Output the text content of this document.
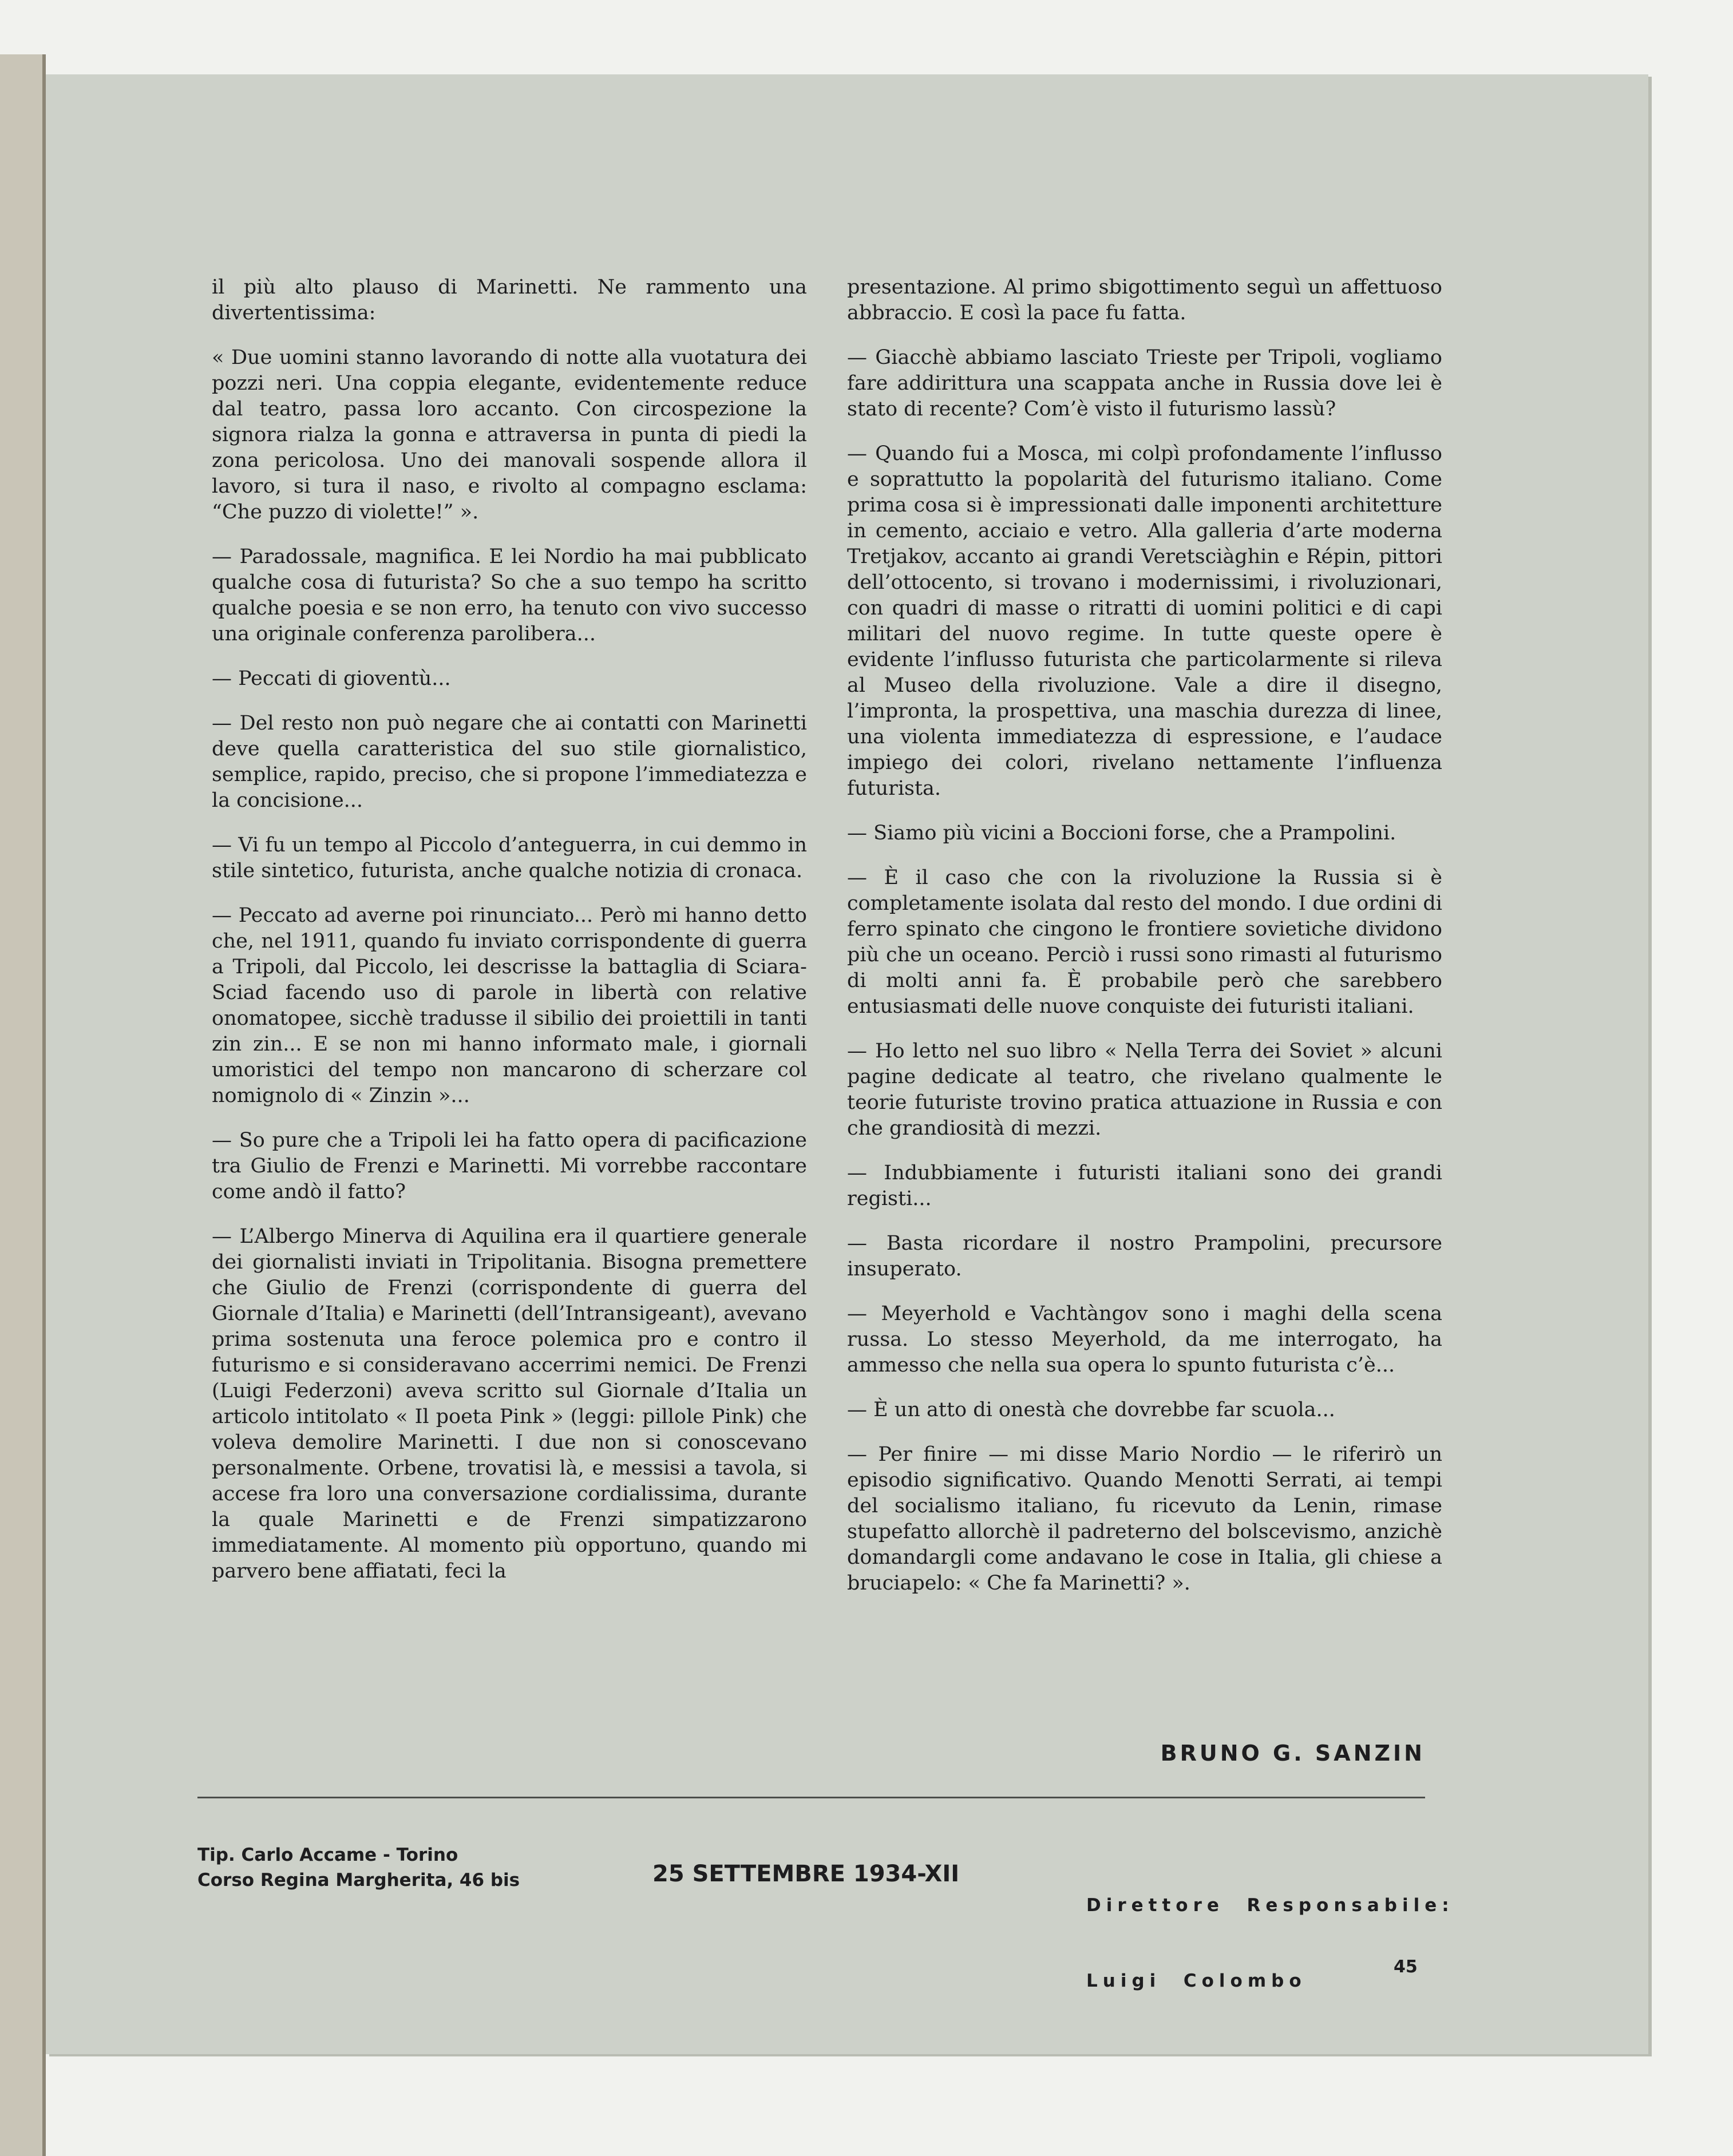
il più alto plauso di Marinetti. Ne rammento una divertentissima:

« Due uomini stanno lavorando di notte alla vuotatura dei pozzi neri. Una coppia elegante, evidentemente reduce dal teatro, passa loro accanto. Con circospezione la signora rialza la gonna e attraversa in punta di piedi la zona pericolosa. Uno dei manovali sospende allora il lavoro, si tura il naso, e rivolto al compagno esclama: “Che puzzo di violette!” ».

— Paradossale, magnifica. E lei Nordio ha mai pubblicato qualche cosa di futurista? So che a suo tempo ha scritto qualche poesia e se non erro, ha tenuto con vivo successo una originale conferenza parolibera...

— Peccati di gioventù...

— Del resto non può negare che ai contatti con Marinetti deve quella caratteristica del suo stile giornalistico, semplice, rapido, preciso, che si propone l’immediatezza e la concisione...

— Vi fu un tempo al Piccolo d’anteguerra, in cui demmo in stile sintetico, futurista, anche qualche notizia di cronaca.

— Peccato ad averne poi rinunciato... Però mi hanno detto che, nel 1911, quando fu inviato corrispondente di guerra a Tripoli, dal Piccolo, lei descrisse la battaglia di Sciara-Sciad facendo uso di parole in libertà con relative onomatopee, sicchè tradusse il sibilio dei proiettili in tanti zin zin... E se non mi hanno informato male, i giornali umoristici del tempo non mancarono di scherzare col nomignolo di « Zinzin »...

— So pure che a Tripoli lei ha fatto opera di pacificazione tra Giulio de Frenzi e Marinetti. Mi vorrebbe raccontare come andò il fatto?

— L’Albergo Minerva di Aquilina era il quartiere generale dei giornalisti inviati in Tripolitania. Bisogna premettere che Giulio de Frenzi (corrispondente di guerra del Giornale d’Italia) e Marinetti (dell’Intransigeant), avevano prima sostenuta una feroce polemica pro e contro il futurismo e si consideravano accerrimi nemici. De Frenzi (Luigi Federzoni) aveva scritto sul Giornale d’Italia un articolo intitolato « Il poeta Pink » (leggi: pillole Pink) che voleva demolire Marinetti. I due non si conoscevano personalmente. Orbene, trovatisi là, e messisi a tavola, si accese fra loro una conversazione cordialissima, durante la quale Marinetti e de Frenzi simpatizzarono immediatamente. Al momento più opportuno, quando mi parvero bene affiatati, feci la

presentazione. Al primo sbigottimento seguì un affettuoso abbraccio. E così la pace fu fatta.

— Giacchè abbiamo lasciato Trieste per Tripoli, vogliamo fare addirittura una scappata anche in Russia dove lei è stato di recente? Com’è visto il futurismo lassù?

— Quando fui a Mosca, mi colpì profondamente l’influsso e soprattutto la popolarità del futurismo italiano. Come prima cosa si è impressionati dalle imponenti architetture in cemento, acciaio e vetro. Alla galleria d’arte moderna Tretjakov, accanto ai grandi Veretsciàghin e Répin, pittori dell’ottocento, si trovano i modernissimi, i rivoluzionari, con quadri di masse o ritratti di uomini politici e di capi militari del nuovo regime. In tutte queste opere è evidente l’influsso futurista che particolarmente si rileva al Museo della rivoluzione. Vale a dire il disegno, l’impronta, la prospettiva, una maschia durezza di linee, una violenta immediatezza di espressione, e l’audace impiego dei colori, rivelano nettamente l’influenza futurista.

— Siamo più vicini a Boccioni forse, che a Prampolini.

— È il caso che con la rivoluzione la Russia si è completamente isolata dal resto del mondo. I due ordini di ferro spinato che cingono le frontiere sovietiche dividono più che un oceano. Perciò i russi sono rimasti al futurismo di molti anni fa. È probabile però che sarebbero entusiasmati delle nuove conquiste dei futuristi italiani.

— Ho letto nel suo libro « Nella Terra dei Soviet » alcuni pagine dedicate al teatro, che rivelano qualmente le teorie futuriste trovino pratica attuazione in Russia e con che grandiosità di mezzi.

— Indubbiamente i futuristi italiani sono dei grandi registi...

— Basta ricordare il nostro Prampolini, precursore insuperato.

— Meyerhold e Vachtàngov sono i maghi della scena russa. Lo stesso Meyerhold, da me interrogato, ha ammesso che nella sua opera lo spunto futurista c’è...

— È un atto di onestà che dovrebbe far scuola...

— Per finire — mi disse Mario Nordio — le riferirò un episodio significativo. Quando Menotti Serrati, ai tempi del socialismo italiano, fu ricevuto da Lenin, rimase stupefatto allorchè il padreterno del bolscevismo, anzichè domandargli come andavano le cose in Italia, gli chiese a bruciapelo: « Che fa Marinetti? ».

BRUNO G. SANZIN
Tip. Carlo Accame - Torino
Corso Regina Margherita, 46 bis	25 SETTEMBRE 1934-XII

Direttore  Responsabile:

Luigi  Colombo

45
